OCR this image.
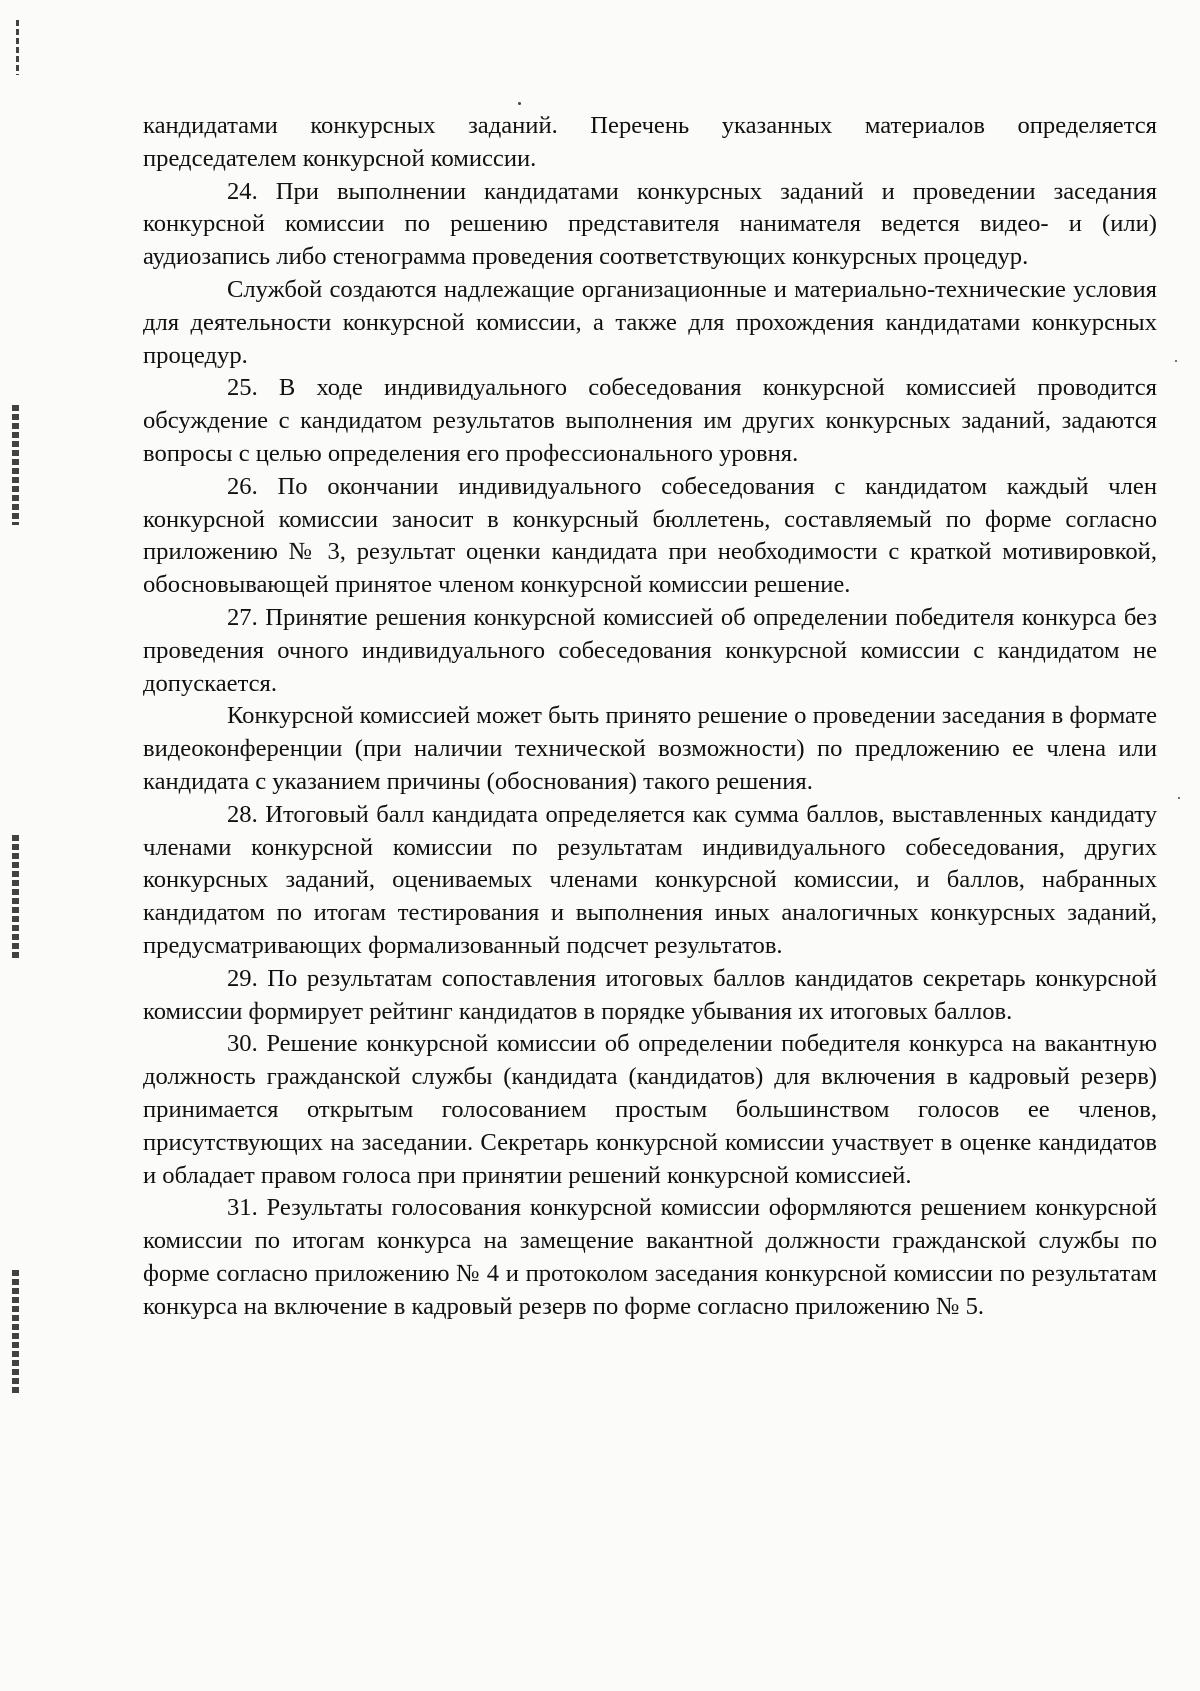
кандидатами конкурсных заданий. Перечень указанных материалов определяется председателем конкурсной комиссии.

24. При выполнении кандидатами конкурсных заданий и проведении заседания конкурсной комиссии по решению представителя нанимателя ведется видео- и (или) аудиозапись либо стенограмма проведения соответствующих конкурсных процедур.

Службой создаются надлежащие организационные и материально-технические условия для деятельности конкурсной комиссии, а также для прохождения кандидатами конкурсных процедур.

25. В ходе индивидуального собеседования конкурсной комиссией проводится обсуждение с кандидатом результатов выполнения им других конкурсных заданий, задаются вопросы с целью определения его профессионального уровня.

26. По окончании индивидуального собеседования с кандидатом каждый член конкурсной комиссии заносит в конкурсный бюллетень, составляемый по форме согласно приложению № 3, результат оценки кандидата при необходимости с краткой мотивировкой, обосновывающей принятое членом конкурсной комиссии решение.

27. Принятие решения конкурсной комиссией об определении победителя конкурса без проведения очного индивидуального собеседования конкурсной комиссии с кандидатом не допускается.

Конкурсной комиссией может быть принято решение о проведении заседания в формате видеоконференции (при наличии технической возможности) по предложению ее члена или кандидата с указанием причины (обоснования) такого решения.

28. Итоговый балл кандидата определяется как сумма баллов, выставленных кандидату членами конкурсной комиссии по результатам индивидуального собеседования, других конкурсных заданий, оцениваемых членами конкурсной комиссии, и баллов, набранных кандидатом по итогам тестирования и выполнения иных аналогичных конкурсных заданий, предусматривающих формализованный подсчет результатов.

29. По результатам сопоставления итоговых баллов кандидатов секретарь конкурсной комиссии формирует рейтинг кандидатов в порядке убывания их итоговых баллов.

30. Решение конкурсной комиссии об определении победителя конкурса на вакантную должность гражданской службы (кандидата (кандидатов) для включения в кадровый резерв) принимается открытым голосованием простым большинством голосов ее членов, присутствующих на заседании. Секретарь конкурсной комиссии участвует в оценке кандидатов и обладает правом голоса при принятии решений конкурсной комиссией.

31. Результаты голосования конкурсной комиссии оформляются решением конкурсной комиссии по итогам конкурса на замещение вакантной должности гражданской службы по форме согласно приложению № 4 и протоколом заседания конкурсной комиссии по результатам конкурса на включение в кадровый резерв по форме согласно приложению № 5.
